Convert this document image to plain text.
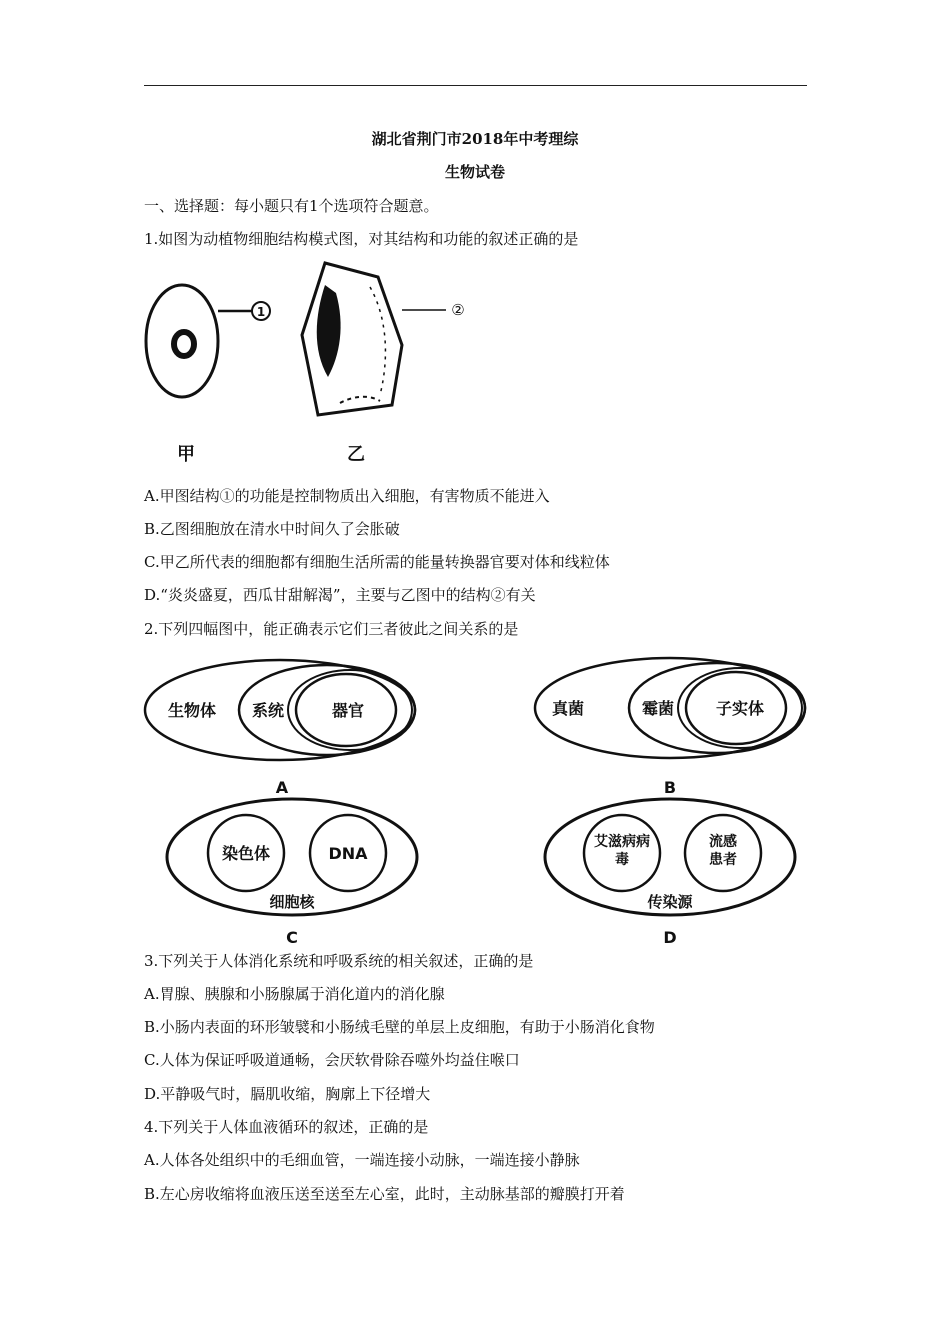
湖北省荆门市2018年中考理综
生物试卷
一、选择题：每小题只有1个选项符合题意。
1.如图为动植物细胞结构模式图，对其结构和功能的叙述正确的是
1	②
甲	乙
A.甲图结构①的功能是控制物质出入细胞，有害物质不能进入
B.乙图细胞放在清水中时间久了会胀破
C.甲乙所代表的细胞都有细胞生活所需的能量转换器官要对体和线粒体
D.“炎炎盛夏，西瓜甘甜解渴”，主要与乙图中的结构②有关
2.下列四幅图中，能正确表示它们三者彼此之间关系的是
生物体 系统	器官
A
真菌	霉菌	子实体
B
染色体	DNA
细胞核
C
艾滋病病毒
流感患者
传染源
D
3.下列关于人体消化系统和呼吸系统的相关叙述，正确的是
A.胃腺、胰腺和小肠腺属于消化道内的消化腺
B.小肠内表面的环形皱襞和小肠绒毛壁的单层上皮细胞，有助于小肠消化食物
C.人体为保证呼吸道通畅，会厌软骨除吞噬外均益住喉口
D.平静吸气时，膈肌收缩，胸廓上下径增大
4.下列关于人体血液循环的叙述，正确的是
A.人体各处组织中的毛细血管，一端连接小动脉，一端连接小静脉
B.左心房收缩将血液压送至送至左心室，此时，主动脉基部的瓣膜打开着
